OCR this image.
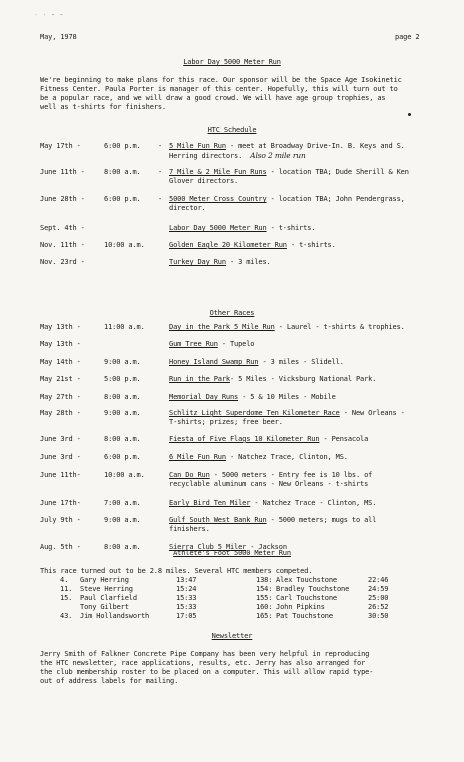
˙ ˙ ˉ ˉ
May, 1978	page 2
Labor Day 5000 Meter Run
We're beginning to make plans for this race. Our sponsor will be the Space Age Isokinetic
Fitness Center. Paula Porter is manager of this center. Hopefully, this will turn out to
be a popular race, and we will draw a good crowd. We will have age group trophies, as
well as t-shirts for finishers.
HTC Schedule
May 17th -	6:00 p.m. - 5 Mile Fun Run - meet at Broadway Drive-In. B. Keys and S.
Herring directors. Also 2 mile run
June 11th -	8:00 a.m. - 7 Mile & 2 Mile Fun Runs - location TBA; Dude Sherill & Ken
Glover directors.
June 28th -	6:00 p.m. - 5000 Meter Cross Country - location TBA; John Pendergrass,
director.
Sept. 4th -	Labor Day 5000 Meter Run - t-shirts.
Nov. 11th -	10:00 a.m.	Golden Eagle 20 Kilometer Run - t-shirts.
Nov. 23rd -	Turkey Day Run - 3 miles.
Other Races
May 13th -	11:00 a.m.	Day in the Park 5 Mile Run - Laurel - t-shirts & trophies.
May 13th -	Gum Tree Run - Tupelo
May 14th -	9:00 a.m.	Honey Island Swamp Run - 3 miles - Slidell.
May 21st -	5:00 p.m.	Run in the Park- 5 Miles - Vicksburg National Park.
May 27th -	8:00 a.m.	Memorial Day Runs - 5 & 10 Miles - Mobile
May 28th -	9:00 a.m.	Schlitz Light Superdome Ten Kilometer Race - New Orleans -
T-shirts; prizes; free beer.
June 3rd -	8:00 a.m.	Fiesta of Five Flags 10 Kilometer Run - Pensacola
June 3rd -	6:00 p.m.	6 Mile Fun Run - Natchez Trace, Clinton, MS.
June 11th-	10:00 a.m.	Can Do Run - 5000 meters - Entry fee is 10 lbs. of
recyclable aluminum cans - New Orleans - t-shirts
June 17th-	7:00 a.m.	Early Bird Ten Miler - Natchez Trace - Clinton, MS.
July 9th -	9:00 a.m.	Gulf South West Bank Run - 5000 meters; mugs to all
finishers.
Aug. 5th -	8:00 a.m.	Sierra Club 5 Miler - Jackson
Athlete's Foot 5000 Meter Run
This race turned out to be 2.8 miles. Several HTC members competed.
4. Gary Herring	13:47
11. Steve Herring	15:24
15. Paul Clarfield	15:33
Tony Gilbert	15:33
43. Jim Hollandsworth	17:05
138: Alex Touchstone	22:46
154: Bradley Touchstone	24:59
155: Carl Touchstone	25:00
160: John Pipkins	26:52
165: Pat Touchstone	30:50
Newsletter
Jerry Smith of Falkner Concrete Pipe Company has been very helpful in reproducing
the HTC newsletter, race applications, results, etc. Jerry has also arranged for
the club membership roster to be placed on a computer. This will allow rapid type-
out of address labels for mailing.
